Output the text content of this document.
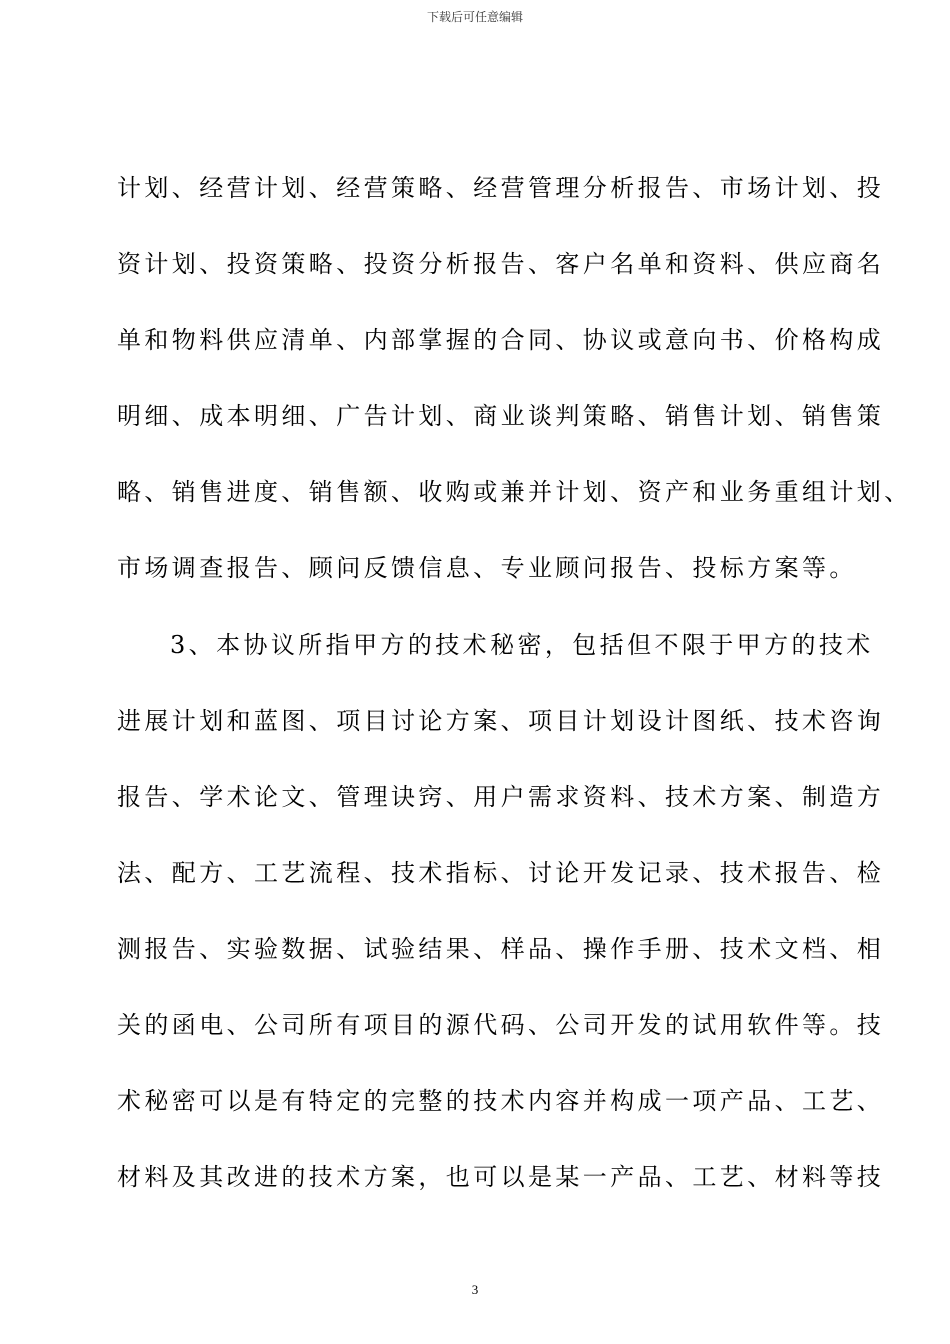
下载后可任意编辑
计划、经营计划、经营策略、经营管理分析报告、市场计划、投
资计划、投资策略、投资分析报告、客户名单和资料、供应商名
单和物料供应清单、内部掌握的合同、协议或意向书、价格构成
明细、成本明细、广告计划、商业谈判策略、销售计划、销售策
略、销售进度、销售额、收购或兼并计划、资产和业务重组计划、
市场调查报告、顾问反馈信息、专业顾问报告、投标方案等。
3、本协议所指甲方的技术秘密，包括但不限于甲方的技术
进展计划和蓝图、项目讨论方案、项目计划设计图纸、技术咨询
报告、学术论文、管理诀窍、用户需求资料、技术方案、制造方
法、配方、工艺流程、技术指标、讨论开发记录、技术报告、检
测报告、实验数据、试验结果、样品、操作手册、技术文档、相
关的函电、公司所有项目的源代码、公司开发的试用软件等。技
术秘密可以是有特定的完整的技术内容并构成一项产品、工艺、
材料及其改进的技术方案，也可以是某一产品、工艺、材料等技
3
